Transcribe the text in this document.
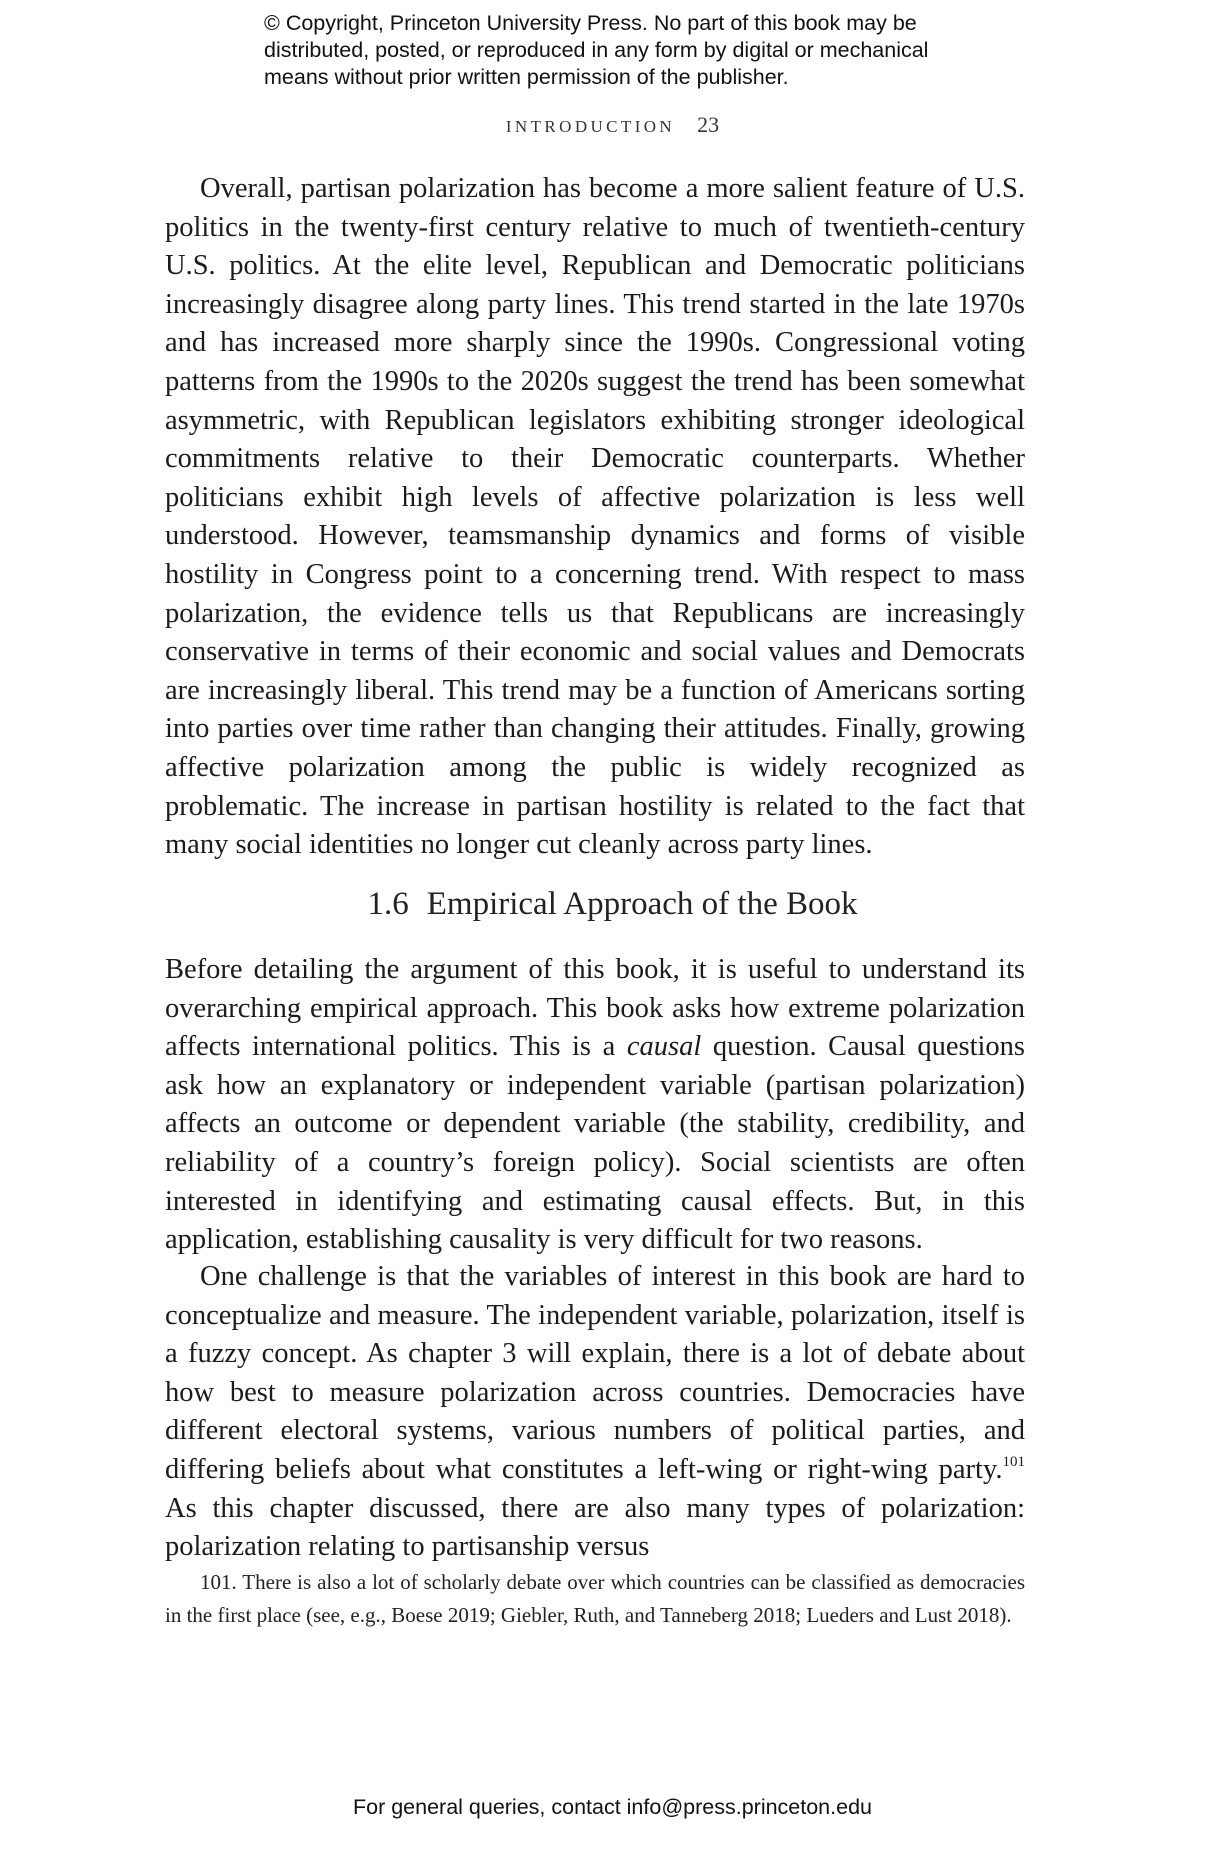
© Copyright, Princeton University Press. No part of this book may be
distributed, posted, or reproduced in any form by digital or mechanical
means without prior written permission of the publisher.
INTRODUCTION 23

Overall, partisan polarization has become a more salient feature of U.S. politics in the twenty-first century relative to much of twentieth-century U.S. politics. At the elite level, Republican and Democratic politicians increasingly disagree along party lines. This trend started in the late 1970s and has increased more sharply since the 1990s. Congressional voting patterns from the 1990s to the 2020s suggest the trend has been somewhat asymmetric, with Republican legislators exhibiting stronger ideological commitments relative to their Democratic counterparts. Whether politicians exhibit high levels of affective polarization is less well understood. However, teamsmanship dynamics and forms of visible hostility in Congress point to a concerning trend. With respect to mass polarization, the evidence tells us that Republicans are increasingly conservative in terms of their economic and social values and Democrats are increasingly liberal. This trend may be a function of Americans sorting into parties over time rather than changing their attitudes. Finally, growing affective polarization among the public is widely recognized as problematic. The increase in partisan hostility is related to the fact that many social identities no longer cut cleanly across party lines.

1.6 Empirical Approach of the Book

Before detailing the argument of this book, it is useful to understand its overarching empirical approach. This book asks how extreme polarization affects international politics. This is a causal question. Causal questions ask how an explanatory or independent variable (partisan polarization) affects an outcome or dependent variable (the stability, credibility, and reliability of a country’s foreign policy). Social scientists are often interested in identifying and estimating causal effects. But, in this application, establishing causality is very difficult for two reasons.

One challenge is that the variables of interest in this book are hard to conceptualize and measure. The independent variable, polarization, itself is a fuzzy concept. As chapter 3 will explain, there is a lot of debate about how best to measure polarization across countries. Democracies have different electoral systems, various numbers of political parties, and differing beliefs about what constitutes a left-wing or right-wing party.$^{101}$ As this chapter discussed, there are also many types of polarization: polarization relating to partisanship versus

101. There is also a lot of scholarly debate over which countries can be classified as democracies in the first place (see, e.g., Boese 2019; Giebler, Ruth, and Tanneberg 2018; Lueders and Lust 2018).
For general queries, contact info@press.princeton.edu
